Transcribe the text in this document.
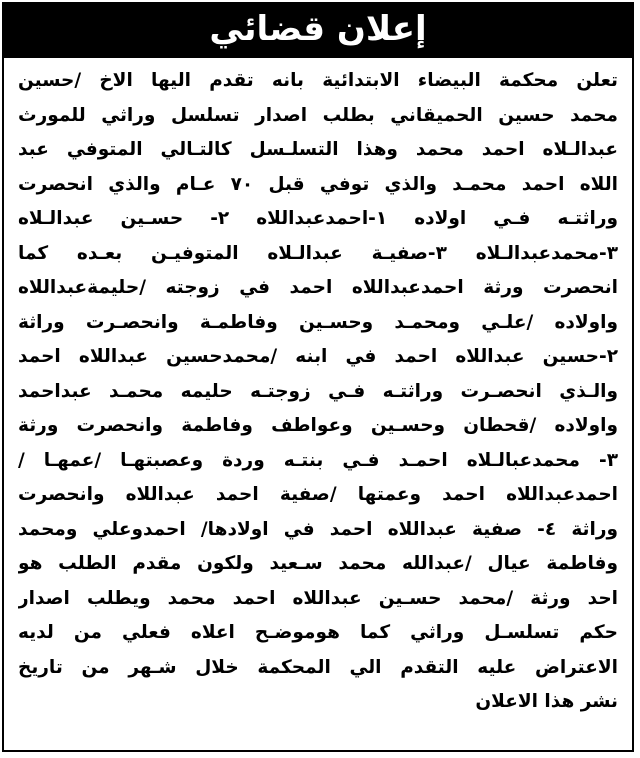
إعلان قضائي
تعلن محكمة البيضاء الابتدائية بانه تقدم اليها الاخ /حسين
محمد حسين الحميقاني بطلب اصدار تسلسل وراثي للمورث
عبدالـلاه احمد محمد وهذا التسلـسل كالتـالي المتوفي عبد
اللاه احمد محمـد والذي توفي قبل ٧٠ عـام والذي انحصرت
وراثتـه فـي اولاده ١-احمدعبداللاه ٢- حسـين عبدالـلاه
٣-محمدعبدالـلاه ٣-صفيـة عبدالـلاه المتوفيـن بعـده كما
انحصرت ورثة احمدعبداللاه احمد في زوجته /حليمةعبداللاه
واولاده /علـي ومحمـد وحسـين وفاطمـة وانحصـرت وراثة
٢-حسين عبداللاه احمد في ابنه /محمدحسين عبداللاه احمد
والـذي انحصـرت وراثتـه فـي زوجتـه حليمه محمـد عبداحمد
واولاده /قحطان وحسـين وعواطف وفاطمة وانحصرت ورثة
٣- محمدعبالـلاه احمـد فـي بنتـه وردة وعصبتهـا /عمهـا /
احمدعبداللاه احمد وعمتها /صفية احمد عبداللاه وانحصرت
وراثة ٤- صفية عبداللاه احمد في اولادها/ احمدوعلي ومحمد
وفاطمة عيال /عبدالله محمد سـعيد ولكون مقدم الطلب هو
احد ورثة /محمد حسـين عبداللاه احمد محمد ويطلب اصدار
حكم تسلسـل وراثي كما هوموضـح اعلاه فعلي من لديه
الاعتراض عليه التقدم الي المحكمة خلال شـهر من تاريخ
نشر هذا الاعلان
